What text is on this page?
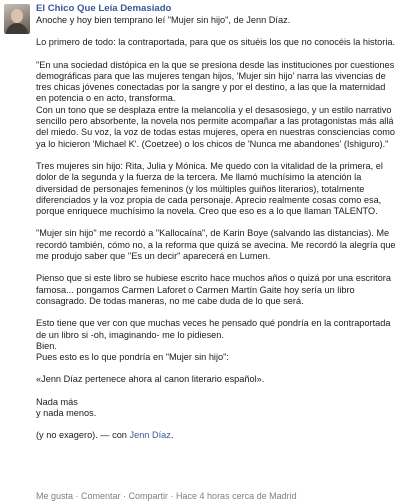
El Chico Que Leía Demasiado

Anoche y hoy bien temprano leí "Mujer sin hijo", de Jenn Díaz.

Lo primero de todo: la contraportada, para que os situéis los que no conocéis la historia.

"En una sociedad distópica en la que se presiona desde las instituciones por cuestiones demográficas para que las mujeres tengan hijos, 'Mujer sin hijo' narra las vivencias de tres chicas jóvenes conectadas por la sangre y por el destino, a las que la maternidad en potencia o en acto, transforma.
Con un tono que se desplaza entre la melancolía y el desasosiego, y un estilo narrativo sencillo pero absorbente, la novela nos permite acompañar a las protagonistas más allá del miedo. Su voz, la voz de todas estas mujeres, opera en nuestras consciencias como ya lo hicieron 'Michael K'. (Coetzee) o los chicos de 'Nunca me abandones' (Ishiguro)."

Tres mujeres sin hijo: Rita, Julia y Mónica. Me quedo con la vitalidad de la primera, el dolor de la segunda y la fuerza de la tercera. Me llamó muchísimo la atención la diversidad de personajes femeninos (y los múltiples guiños literarios), totalmente diferenciados y la voz propia de cada personaje. Aprecio realmente cosas como esa, porque enriquece muchísimo la novela. Creo que eso es a lo que llaman TALENTO.

"Mujer sin hijo" me recordó a "Kallocaína", de Karin Boye (salvando las distancias). Me recordó también, cómo no, a la reforma que quizá se avecina. Me recordó la alegría que me produjo saber que "Es un decir" aparecerá en Lumen.

Pienso que si este libro se hubiese escrito hace muchos años o quizá por una escritora famosa... pongamos Carmen Laforet o Carmen Martín Gaite hoy sería un libro consagrado. De todas maneras, no me cabe duda de lo que será.

Esto tiene que ver con que muchas veces he pensado qué pondría en la contraportada de un libro si -oh, imaginando- me lo pidiesen.
Bien.
Pues esto es lo que pondría en "Mujer sin hijo":

«Jenn Díaz pertenece ahora al canon literario español».

Nada más
y nada menos.

(y no exagero). — con Jenn Díaz.
Me gusta · Comentar · Compartir · Hace 4 horas cerca de Madrid
